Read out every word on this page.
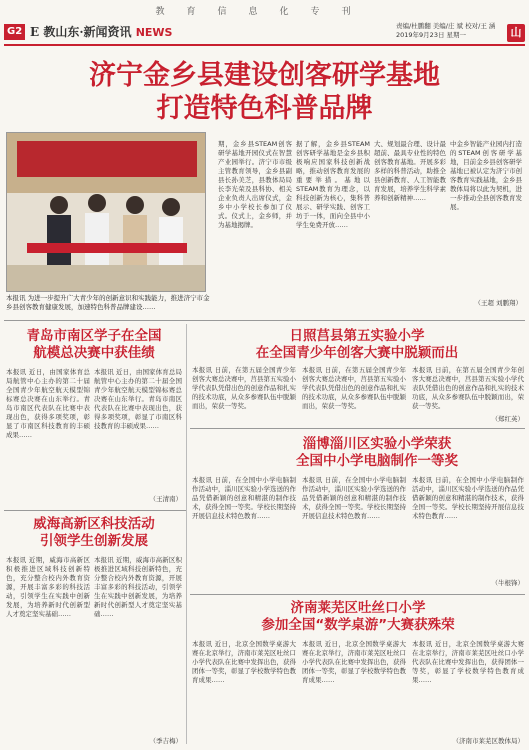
教育信息化专刊
G2 E 教山东·新闻资讯 NEWS	责编/杜鹏翻 美编/庄 斌 校对/王 涵
2019年9月23日 星期一	山
济宁金乡县建设创客研学基地
打造特色科普品牌
本报讯 为进一步提升广大青少年的创新意识和实践能力，推进济宁市金乡县创客教育健康发展，加速特色科普品牌建设……
期，金乡县STEAM创客研学基地开园仪式在智慧产业园举行。济宁市市级主管教育领导，金乡县副县长孙美芝，县教体局局长李光荣及县科协、相关企业负责人出席仪式，金乡中小学校长参加了仪式。仪式上，金乡师，并为基地揭牌。
据了解，金乡县STEAM创客研学基地是金乡县积极响应国家科技创新战略，推动创客教育发展的重要举措。基地以STEAM教育为理念，以科技创新为核心，集科普展示、研学实践、创客工坊于一体，面向全县中小学生免费开放……
大、规划最合理、设计最超前、最具专业性的特色创客教育基地。开展多彩多样的科普活动，助推全县创新教育、人工智能教育发展，培养学生科学素养和创新精神……
中金乡智能产业园内打造的STEAM创客研学基地，目前金乡县创客研学基地已被认定为济宁市创客教育实践基地，金乡县教体局将以此为契机，进一步推动全县创客教育发展。
（王超 刘鹏翔）
青岛市南区学子在全国
航模总决赛中获佳绩
本报讯 近日，由国家体育总局航管中心主办的第二十届全国青少年航空航天模型锦标赛总决赛在山东举行。青岛市南区代表队在比赛中表现出色，获得多项奖项，彰显了市南区科技教育的丰硕成果……
本报讯 近日，由国家体育总局航管中心主办的第二十届全国青少年航空航天模型锦标赛总决赛在山东举行。青岛市南区代表队在比赛中表现出色，获得多项奖项，彰显了市南区科技教育的丰硕成果……
（王清南）
日照莒县第五实验小学
在全国青少年创客大赛中脱颖而出
本报讯 日前，在第五届全国青少年创客大赛总决赛中，莒县第五实验小学代表队凭借出色的创意作品和扎实的技术功底，从众多参赛队伍中脱颖而出，荣获一等奖。
本报讯 日前，在第五届全国青少年创客大赛总决赛中，莒县第五实验小学代表队凭借出色的创意作品和扎实的技术功底，从众多参赛队伍中脱颖而出，荣获一等奖。
本报讯 日前，在第五届全国青少年创客大赛总决赛中，莒县第五实验小学代表队凭借出色的创意作品和扎实的技术功底，从众多参赛队伍中脱颖而出，荣获一等奖。
（郑红英）
淄博淄川区实验小学荣获
全国中小学电脑制作一等奖
本报讯 日前，在全国中小学电脑制作活动中，淄川区实验小学选送的作品凭借新颖的创意和精湛的制作技术，获得全国一等奖。学校长期坚持开展信息技术特色教育……
本报讯 日前，在全国中小学电脑制作活动中，淄川区实验小学选送的作品凭借新颖的创意和精湛的制作技术，获得全国一等奖。学校长期坚持开展信息技术特色教育……
本报讯 日前，在全国中小学电脑制作活动中，淄川区实验小学选送的作品凭借新颖的创意和精湛的制作技术，获得全国一等奖。学校长期坚持开展信息技术特色教育……
（牛根锋）
威海高新区科技活动
引领学生创新发展
本报讯 近期，威海市高新区积极推进区域科技创新特色，充分整合校内外教育资源，开展丰富多彩的科技活动，引领学生在实践中创新发展，为培养新时代创新型人才奠定坚实基础……
本报讯 近期，威海市高新区积极推进区域科技创新特色，充分整合校内外教育资源，开展丰富多彩的科技活动，引领学生在实践中创新发展，为培养新时代创新型人才奠定坚实基础……
（季吉梅）
济南莱芜区吐丝口小学
参加全国“数学桌游”大赛获殊荣
本报讯 近日，北京全国数学桌游大赛在北京举行，济南市莱芜区吐丝口小学代表队在比赛中发挥出色，获得团体一等奖，彰显了学校数学特色教育成果……
本报讯 近日，北京全国数学桌游大赛在北京举行，济南市莱芜区吐丝口小学代表队在比赛中发挥出色，获得团体一等奖，彰显了学校数学特色教育成果……
本报讯 近日，北京全国数学桌游大赛在北京举行，济南市莱芜区吐丝口小学代表队在比赛中发挥出色，获得团体一等奖，彰显了学校数学特色教育成果……
（济南市莱芜区教体局）
